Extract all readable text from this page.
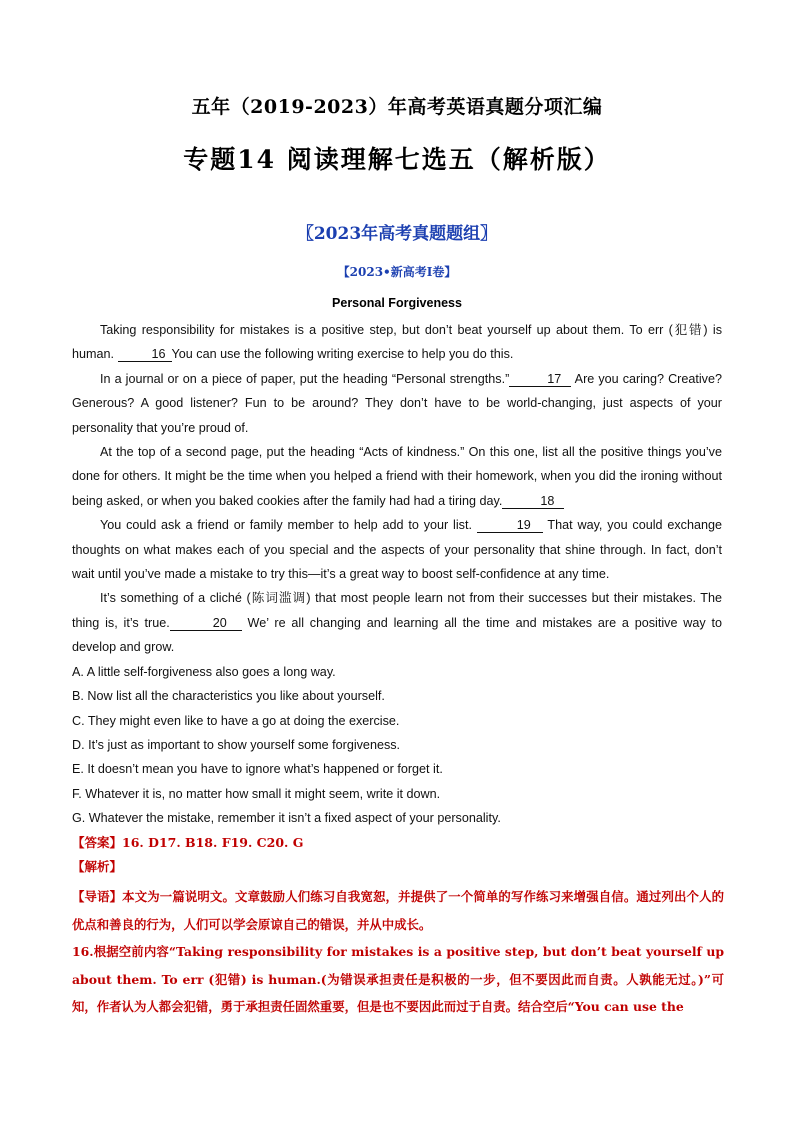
五年（2019-2023）年高考英语真题分项汇编
专题14 阅读理解七选五（解析版）
〖2023年高考真题题组〗
【2023•新高考I卷】
Personal Forgiveness

Taking responsibility for mistakes is a positive step, but don’t beat yourself up about them. To err (犯错) is human.	16 You can use the following writing exercise to help you do this.

In a journal or on a piece of paper, put the heading “Personal strengths.”	17 Are you caring? Creative? Generous? A good listener? Fun to be around? They don’t have to be world-changing, just aspects of your personality that you’re proud of.

At the top of a second page, put the heading “Acts of kindness.” On this one, list all the positive things you’ve done for others. It might be the time when you helped a friend with their homework, when you did the ironing without being asked, or when you baked cookies after the family had had a tiring day.	18

You could ask a friend or family member to help add to your list.	19 That way, you could exchange thoughts on what makes each of you special and the aspects of your personality that shine through. In fact, don’t wait until you’ve made a mistake to try this—it’s a great way to boost self-confidence at any time.

It’s something of a cliché (陈词滥调) that most people learn not from their successes but their mistakes. The thing is, it’s true.	20 We’ re all changing and learning all the time and mistakes are a positive way to develop and grow.

A. A little self-forgiveness also goes a long way.

B. Now list all the characteristics you like about yourself.

C. They might even like to have a go at doing the exercise.

D. It’s just as important to show yourself some forgiveness.

E. It doesn’t mean you have to ignore what’s happened or forget it.

F. Whatever it is, no matter how small it might seem, write it down.

G. Whatever the mistake, remember it isn’t a fixed aspect of your personality.

【答案】16. D17. B18. F19. C20. G

【解析】

【导语】本文为一篇说明文。文章鼓励人们练习自我宽恕，并提供了一个简单的写作练习来增强自信。通过列出个人的优点和善良的行为，人们可以学会原谅自己的错误，并从中成长。

16.根据空前内容“Taking responsibility for mistakes is a positive step, but don’t beat yourself up about them. To err (犯错) is human.(为错误承担责任是积极的一步，但不要因此而自责。人孰能无过。)”可知，作者认为人都会犯错，勇于承担责任固然重要，但是也不要因此而过于自责。结合空后“You can use the
